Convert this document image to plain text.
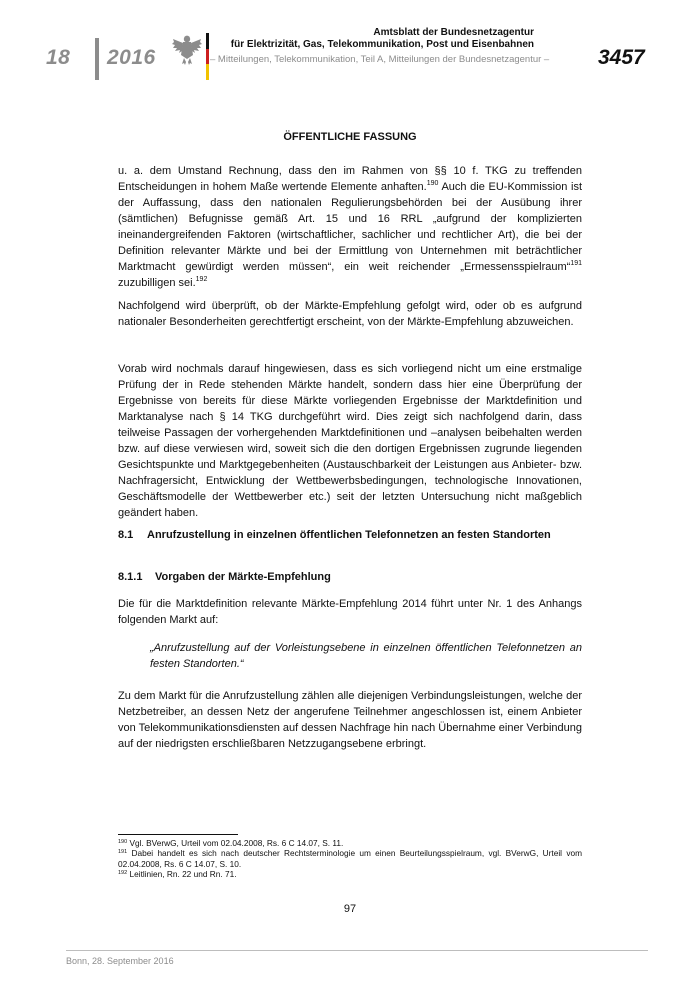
18 2016
Amtsblatt der Bundesnetzagentur
für Elektrizität, Gas, Telekommunikation, Post und Eisenbahnen
– Mitteilungen, Telekommunikation, Teil A, Mitteilungen der Bundesnetzagentur – 3457
ÖFFENTLICHE FASSUNG
u. a. dem Umstand Rechnung, dass den im Rahmen von §§ 10 f. TKG zu treffenden Entscheidungen in hohem Maße wertende Elemente anhaften.$^{190}$ Auch die EU-Kommission ist der Auffassung, dass den nationalen Regulierungsbehörden bei der Ausübung ihrer (sämtlichen) Befugnisse gemäß Art. 15 und 16 RRL „aufgrund der komplizierten ineinandergreifenden Faktoren (wirtschaftlicher, sachlicher und rechtlicher Art), die bei der Definition relevanter Märkte und bei der Ermittlung von Unternehmen mit beträchtlicher Marktmacht gewürdigt werden müssen“, ein weit reichender „Ermessensspielraum“$^{191}$ zuzubilligen sei.$^{192}$
Nachfolgend wird überprüft, ob der Märkte-Empfehlung gefolgt wird, oder ob es aufgrund nationaler Besonderheiten gerechtfertigt erscheint, von der Märkte-Empfehlung abzuweichen.
Vorab wird nochmals darauf hingewiesen, dass es sich vorliegend nicht um eine erstmalige Prüfung der in Rede stehenden Märkte handelt, sondern dass hier eine Überprüfung der Ergebnisse von bereits für diese Märkte vorliegenden Ergebnisse der Marktdefinition und Marktanalyse nach § 14 TKG durchgeführt wird. Dies zeigt sich nachfolgend darin, dass teilweise Passagen der vorhergehenden Marktdefinitionen und –analysen beibehalten werden bzw. auf diese verwiesen wird, soweit sich die den dortigen Ergebnissen zugrunde liegenden Gesichtspunkte und Marktgegebenheiten (Austauschbarkeit der Leistungen aus Anbieter- bzw. Nachfragersicht, Entwicklung der Wettbewerbsbedingungen, technologische Innovationen, Geschäftsmodelle der Wettbewerber etc.) seit der letzten Untersuchung nicht maßgeblich geändert haben.
8.1 Anrufzustellung in einzelnen öffentlichen Telefonnetzen an festen Standorten
8.1.1 Vorgaben der Märkte-Empfehlung
Die für die Marktdefinition relevante Märkte-Empfehlung 2014 führt unter Nr. 1 des Anhangs folgenden Markt auf:
„Anrufzustellung auf der Vorleistungsebene in einzelnen öffentlichen Telefonnetzen an festen Standorten.“
Zu dem Markt für die Anrufzustellung zählen alle diejenigen Verbindungsleistungen, welche der Netzbetreiber, an dessen Netz der angerufene Teilnehmer angeschlossen ist, einem Anbieter von Telekommunikationsdiensten auf dessen Nachfrage hin nach Übernahme einer Verbindung auf der niedrigsten erschließbaren Netzzugangsebene erbringt.

$^{190}$ Vgl. BVerwG, Urteil vom 02.04.2008, Rs. 6 C 14.07, S. 11.

$^{191}$ Dabei handelt es sich nach deutscher Rechtsterminologie um einen Beurteilungsspielraum, vgl. BVerwG, Urteil vom 02.04.2008, Rs. 6 C 14.07, S. 10.

$^{192}$ Leitlinien, Rn. 22 und Rn. 71.

97
Bonn, 28. September 2016
